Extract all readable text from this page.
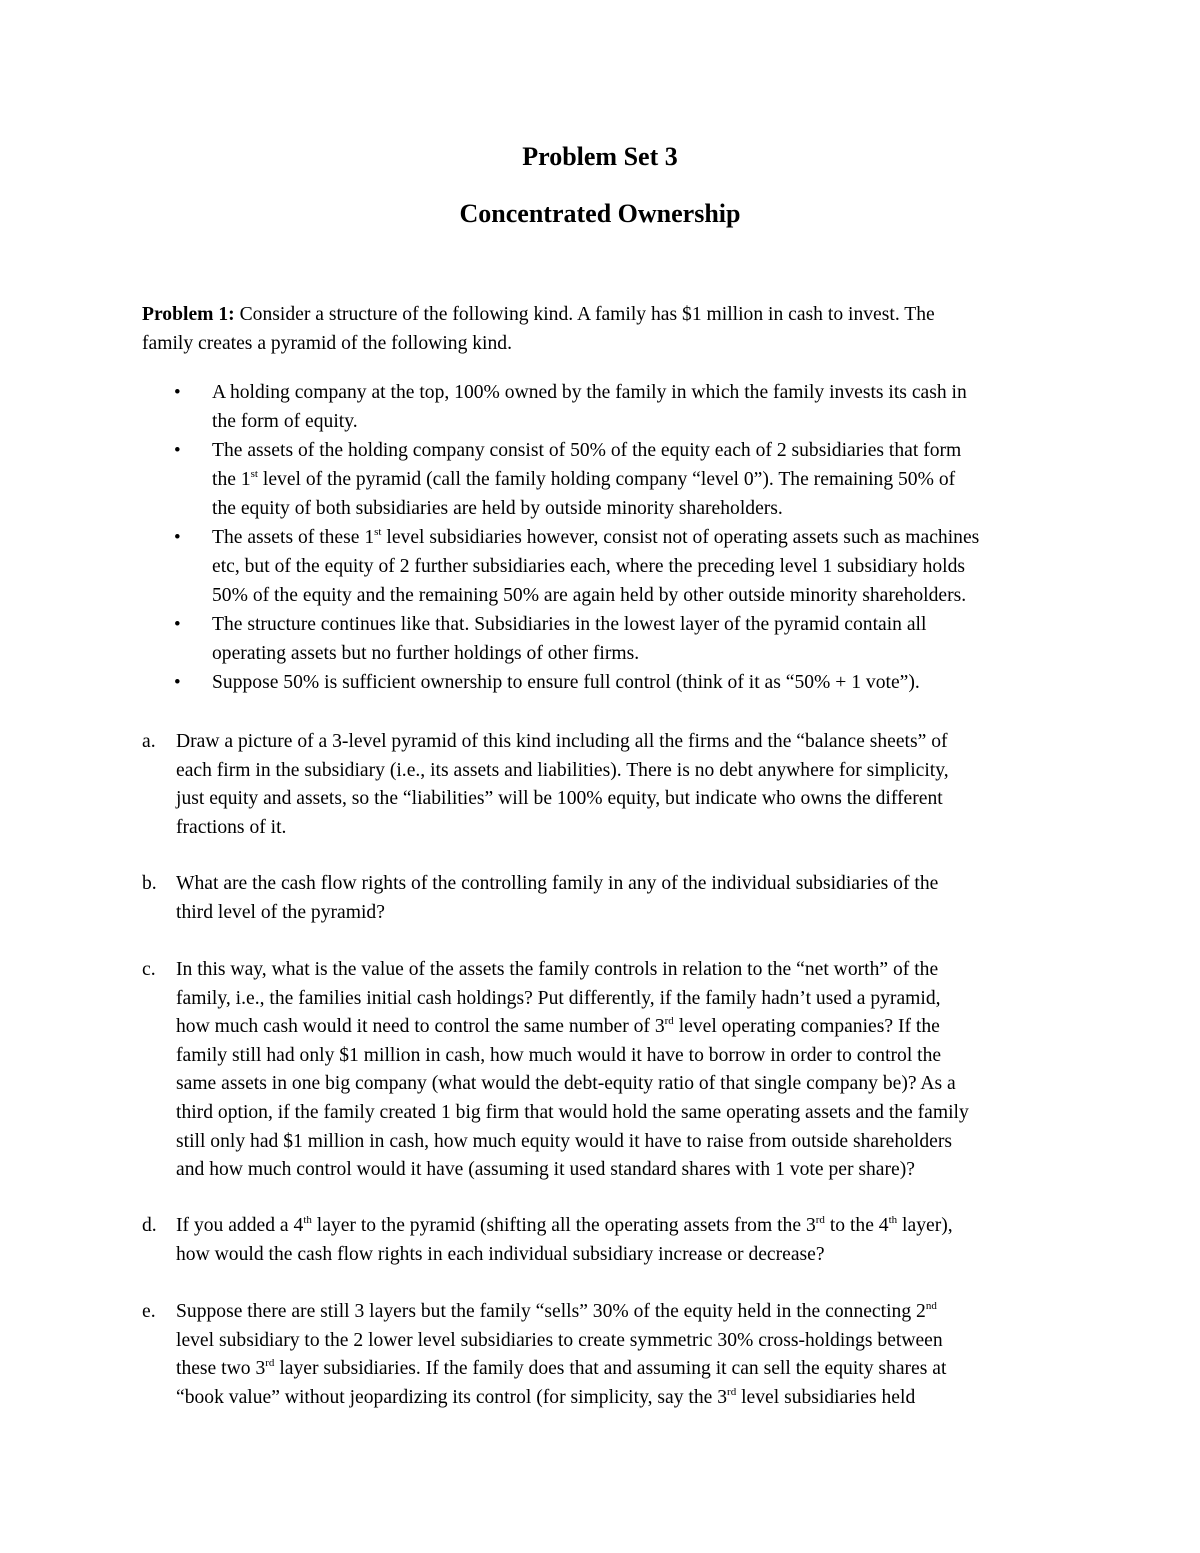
Problem Set 3
Concentrated Ownership
Problem 1: Consider a structure of the following kind. A family has $1 million in cash to invest. The
family creates a pyramid of the following kind.
• A holding company at the top, 100% owned by the family in which the family invests its cash in
the form of equity.
• The assets of the holding company consist of 50% of the equity each of 2 subsidiaries that form
the 1st level of the pyramid (call the family holding company “level 0”). The remaining 50% of
the equity of both subsidiaries are held by outside minority shareholders.
• The assets of these 1st level subsidiaries however, consist not of operating assets such as machines
etc, but of the equity of 2 further subsidiaries each, where the preceding level 1 subsidiary holds
50% of the equity and the remaining 50% are again held by other outside minority shareholders.
• The structure continues like that. Subsidiaries in the lowest layer of the pyramid contain all
operating assets but no further holdings of other firms.
• Suppose 50% is sufficient ownership to ensure full control (think of it as “50% + 1 vote”).
a. Draw a picture of a 3-level pyramid of this kind including all the firms and the “balance sheets” of
each firm in the subsidiary (i.e., its assets and liabilities). There is no debt anywhere for simplicity,
just equity and assets, so the “liabilities” will be 100% equity, but indicate who owns the different
fractions of it.
b. What are the cash flow rights of the controlling family in any of the individual subsidiaries of the
third level of the pyramid?
c. In this way, what is the value of the assets the family controls in relation to the “net worth” of the
family, i.e., the families initial cash holdings? Put differently, if the family hadn’t used a pyramid,
how much cash would it need to control the same number of 3rd level operating companies? If the
family still had only $1 million in cash, how much would it have to borrow in order to control the
same assets in one big company (what would the debt-equity ratio of that single company be)? As a
third option, if the family created 1 big firm that would hold the same operating assets and the family
still only had $1 million in cash, how much equity would it have to raise from outside shareholders
and how much control would it have (assuming it used standard shares with 1 vote per share)?
d. If you added a 4th layer to the pyramid (shifting all the operating assets from the 3rd to the 4th layer),
how would the cash flow rights in each individual subsidiary increase or decrease?
e. Suppose there are still 3 layers but the family “sells” 30% of the equity held in the connecting 2nd
level subsidiary to the 2 lower level subsidiaries to create symmetric 30% cross-holdings between
these two 3rd layer subsidiaries. If the family does that and assuming it can sell the equity shares at
“book value” without jeopardizing its control (for simplicity, say the 3rd level subsidiaries held
